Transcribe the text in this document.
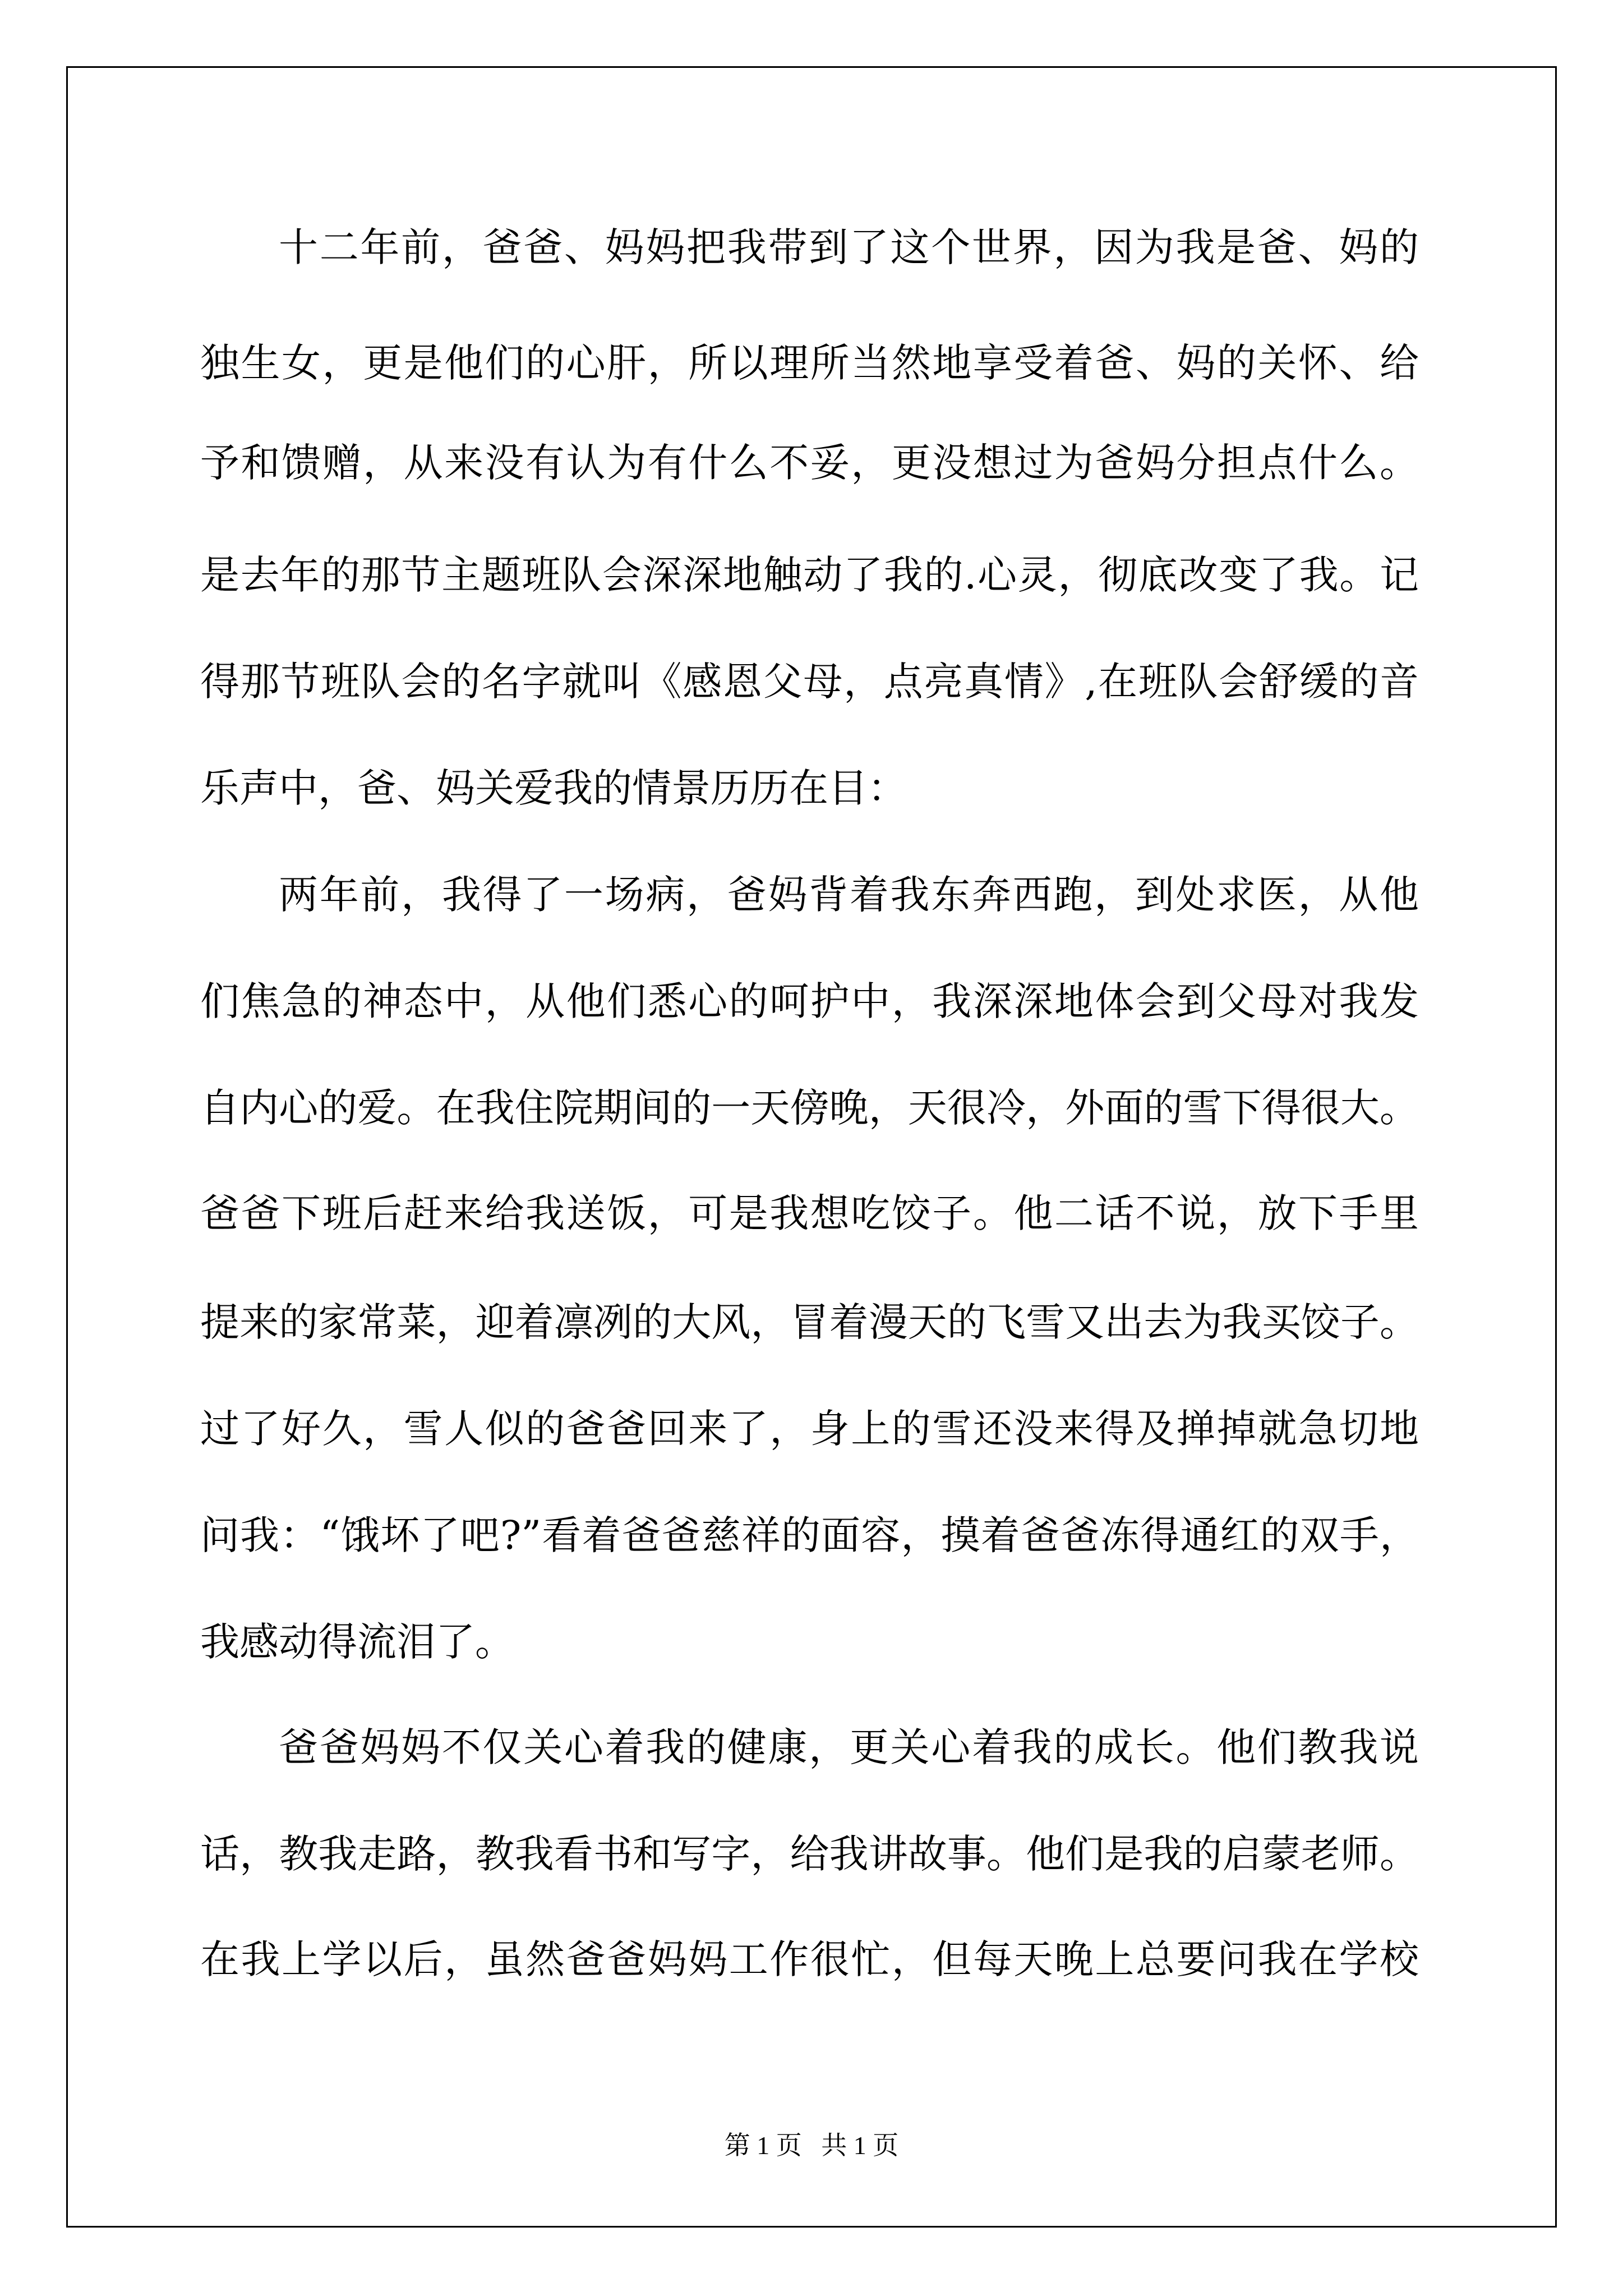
十二年前，爸爸、妈妈把我带到了这个世界，因为我是爸、妈的
独生女，更是他们的心肝，所以理所当然地享受着爸、妈的关怀、给
予和馈赠，从来没有认为有什么不妥，更没想过为爸妈分担点什么。
是去年的那节主题班队会深深地触动了我的.心灵，彻底改变了我。记
得那节班队会的名字就叫《感恩父母，点亮真情》,在班队会舒缓的音
乐声中，爸、妈关爱我的情景历历在目：
两年前，我得了一场病，爸妈背着我东奔西跑，到处求医，从他
们焦急的神态中，从他们悉心的呵护中，我深深地体会到父母对我发
自内心的爱。在我住院期间的一天傍晚，天很冷，外面的雪下得很大。
爸爸下班后赶来给我送饭，可是我想吃饺子。他二话不说，放下手里
提来的家常菜，迎着凛冽的大风，冒着漫天的飞雪又出去为我买饺子。
过了好久，雪人似的爸爸回来了，身上的雪还没来得及掸掉就急切地
问我：“饿坏了吧?”看着爸爸慈祥的面容，摸着爸爸冻得通红的双手，
我感动得流泪了。
爸爸妈妈不仅关心着我的健康，更关心着我的成长。他们教我说
话，教我走路，教我看书和写字，给我讲故事。他们是我的启蒙老师。
在我上学以后，虽然爸爸妈妈工作很忙，但每天晚上总要问我在学校
第 1 页   共 1 页
